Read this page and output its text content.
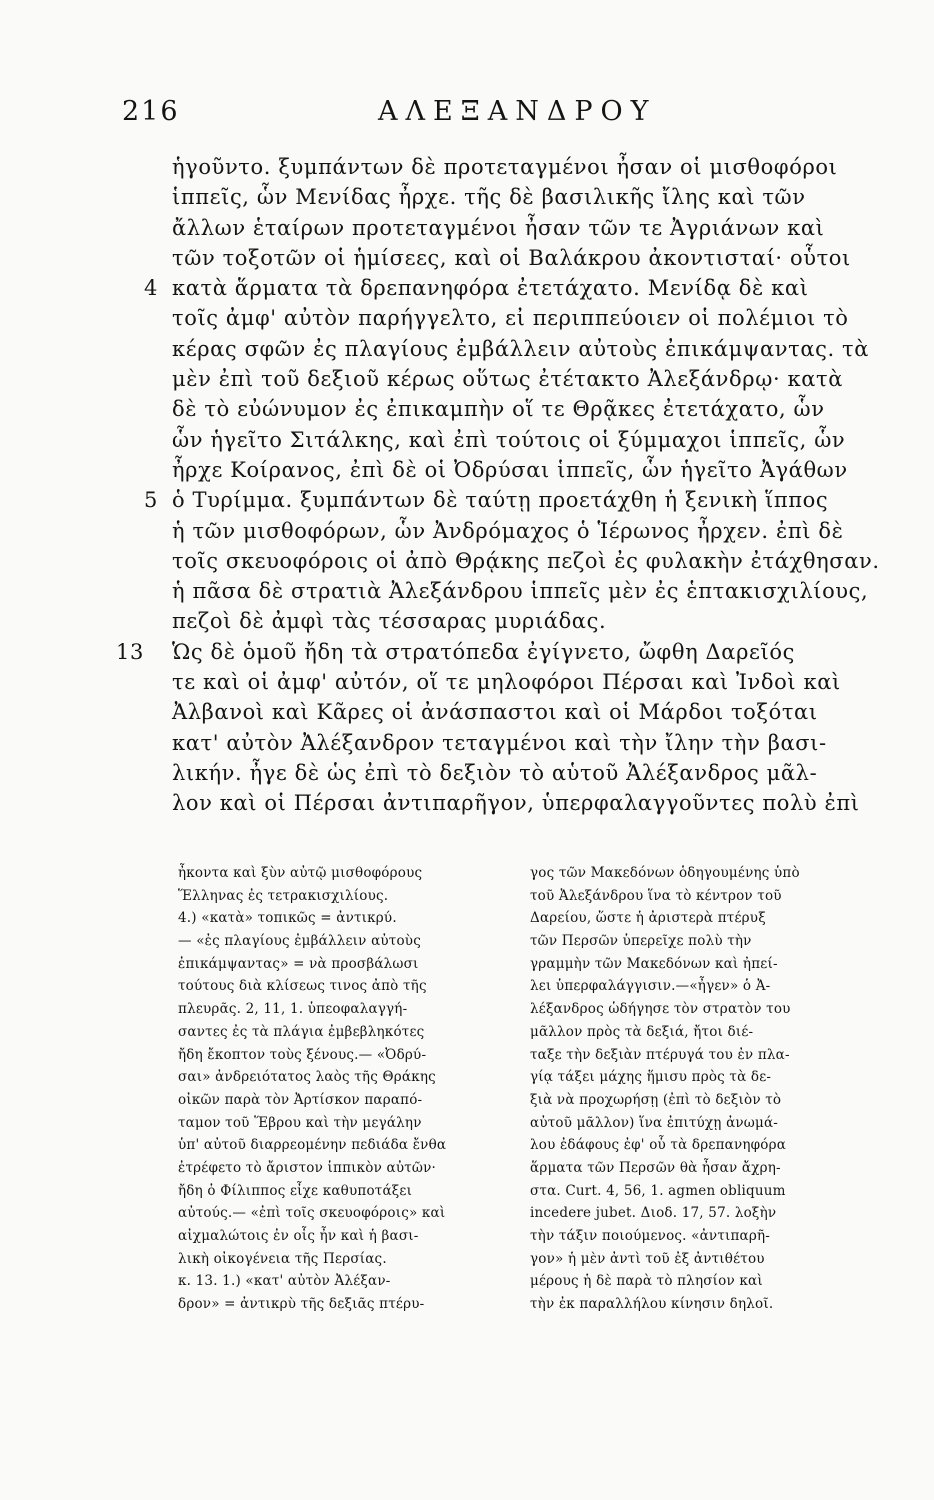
216	ΑΛΕΞΑΝΔΡΟΥ
ἡγοῦντο. ξυμπάντων δὲ προτεταγμένοι ἦσαν οἱ μισθοφόροι
ἱππεῖς, ὧν Μενίδας ἦρχε. τῆς δὲ βασιλικῆς ἴλης καὶ τῶν
ἄλλων ἑταίρων προτεταγμένοι ἦσαν τῶν τε Ἀγριάνων καὶ
τῶν τοξοτῶν οἱ ἡμίσεες, καὶ οἱ Βαλάκρου ἀκοντισταί· οὗτοι
4 κατὰ ἅρματα τὰ δρεπανηφόρα ἐτετάχατο. Μενίδᾳ δὲ καὶ
τοῖς ἀμφ' αὐτὸν παρήγγελτο, εἰ περιππεύοιεν οἱ πολέμιοι τὸ
κέρας σφῶν ἐς πλαγίους ἐμβάλλειν αὐτοὺς ἐπικάμψαντας. τὰ
μὲν ἐπὶ τοῦ δεξιοῦ κέρως οὕτως ἐτέτακτο Ἀλεξάνδρῳ· κατὰ
δὲ τὸ εὐώνυμον ἐς ἐπικαμπὴν οἵ τε Θρᾷκες ἐτετάχατο, ὧν
ὧν ἡγεῖτο Σιτάλκης, καὶ ἐπὶ τούτοις οἱ ξύμμαχοι ἱππεῖς, ὧν
ἦρχε Κοίρανος, ἐπὶ δὲ οἱ Ὀδρύσαι ἱππεῖς, ὧν ἡγεῖτο Ἀγάθων
5 ὁ Τυρίμμα. ξυμπάντων δὲ ταύτῃ προετάχθη ἡ ξενικὴ ἵππος
ἡ τῶν μισθοφόρων, ὧν Ἀνδρόμαχος ὁ Ἱέρωνος ἦρχεν. ἐπὶ δὲ
τοῖς σκευοφόροις οἱ ἀπὸ Θρᾴκης πεζοὶ ἐς φυλακὴν ἐτάχθησαν.
ἡ πᾶσα δὲ στρατιὰ Ἀλεξάνδρου ἱππεῖς μὲν ἐς ἑπτακισχιλίους,
πεζοὶ δὲ ἀμφὶ τὰς τέσσαρας μυριάδας.
13 Ὡς δὲ ὁμοῦ ἤδη τὰ στρατόπεδα ἐγίγνετο, ὤφθη Δαρεῖός
τε καὶ οἱ ἀμφ' αὐτόν, οἵ τε μηλοφόροι Πέρσαι καὶ Ἰνδοὶ καὶ
Ἀλβανοὶ καὶ Κᾶρες οἱ ἀνάσπαστοι καὶ οἱ Μάρδοι τοξόται
κατ' αὐτὸν Ἀλέξανδρον τεταγμένοι καὶ τὴν ἴλην τὴν βασι-
λικήν. ἦγε δὲ ὡς ἐπὶ τὸ δεξιὸν τὸ αὑτοῦ Ἀλέξανδρος μᾶλ-
λον καὶ οἱ Πέρσαι ἀντιπαρῆγον, ὑπερφαλαγγοῦντες πολὺ ἐπὶ
ἦκοντα καὶ ξὺν αὐτῷ μισθοφόρους
Ἕλληνας ἐς τετρακισχιλίους.
4.) «κατὰ» τοπικῶς = ἀντικρύ.
— «ἐς πλαγίους ἐμβάλλειν αὐτοὺς
ἐπικάμψαντας» = νὰ προσβάλωσι
τούτους διὰ κλίσεως τινος ἀπὸ τῆς
πλευρᾶς. 2, 11, 1. ὑπεοφαλαγγή-
σαντες ἐς τὰ πλάγια ἐμβεβληκότες
ἤδη ἔκοπτον τοὺς ξένους.— «Ὀδρύ-
σαι» ἀνδρειότατος λαὸς τῆς Θράκης
οἰκῶν παρὰ τὸν Ἀρτίσκον παραπό-
ταμον τοῦ Ἕβρου καὶ τὴν μεγάλην
ὑπ' αὐτοῦ διαρρεομένην πεδιάδα ἔνθα
ἐτρέφετο τὸ ἄριστον ἱππικὸν αὐτῶν·
ἤδη ὁ Φίλιππος εἶχε καθυποτάξει
αὐτούς.— «ἐπὶ τοῖς σκευοφόροις» καὶ
αἰχμαλώτοις ἐν οἷς ἦν καὶ ἡ βασι-
λικὴ οἰκογένεια τῆς Περσίας.
κ. 13. 1.) «κατ' αὐτὸν Ἀλέξαν-
δρον» = ἀντικρὺ τῆς δεξιᾶς πτέρυ-
γος τῶν Μακεδόνων ὁδηγουμένης ὑπὸ
τοῦ Ἀλεξάνδρου ἵνα τὸ κέντρον τοῦ
Δαρείου, ὥστε ἡ ἀριστερὰ πτέρυξ
τῶν Περσῶν ὑπερεῖχε πολὺ τὴν
γραμμὴν τῶν Μακεδόνων καὶ ἠπεί-
λει ὑπερφαλάγγισιν.—«ἦγεν» ὁ Ἀ-
λέξανδρος ὡδήγησε τὸν στρατὸν του
μᾶλλον πρὸς τὰ δεξιά, ἤτοι διέ-
ταξε τὴν δεξιὰν πτέρυγά του ἐν πλα-
γίᾳ τάξει μάχης ἥμισυ πρὸς τὰ δε-
ξιὰ νὰ προχωρήσῃ (ἐπὶ τὸ δεξιὸν τὸ
αὐτοῦ μᾶλλον) ἵνα ἐπιτύχῃ ἀνωμά-
λου ἐδάφους ἐφ' οὗ τὰ δρεπανηφόρα
ἅρματα τῶν Περσῶν θὰ ἦσαν ἄχρη-
στα. Curt. 4, 56, 1. agmen obliquum
incedere jubet. Διοδ. 17, 57. λοξὴν
τὴν τάξιν ποιούμενος. «ἀντιπαρῆ-
γον» ἡ μὲν ἀντὶ τοῦ ἐξ ἀντιθέτου
μέρους ἡ δὲ παρὰ τὸ πλησίον καὶ
τὴν ἐκ παραλλήλου κίνησιν δηλοῖ.
